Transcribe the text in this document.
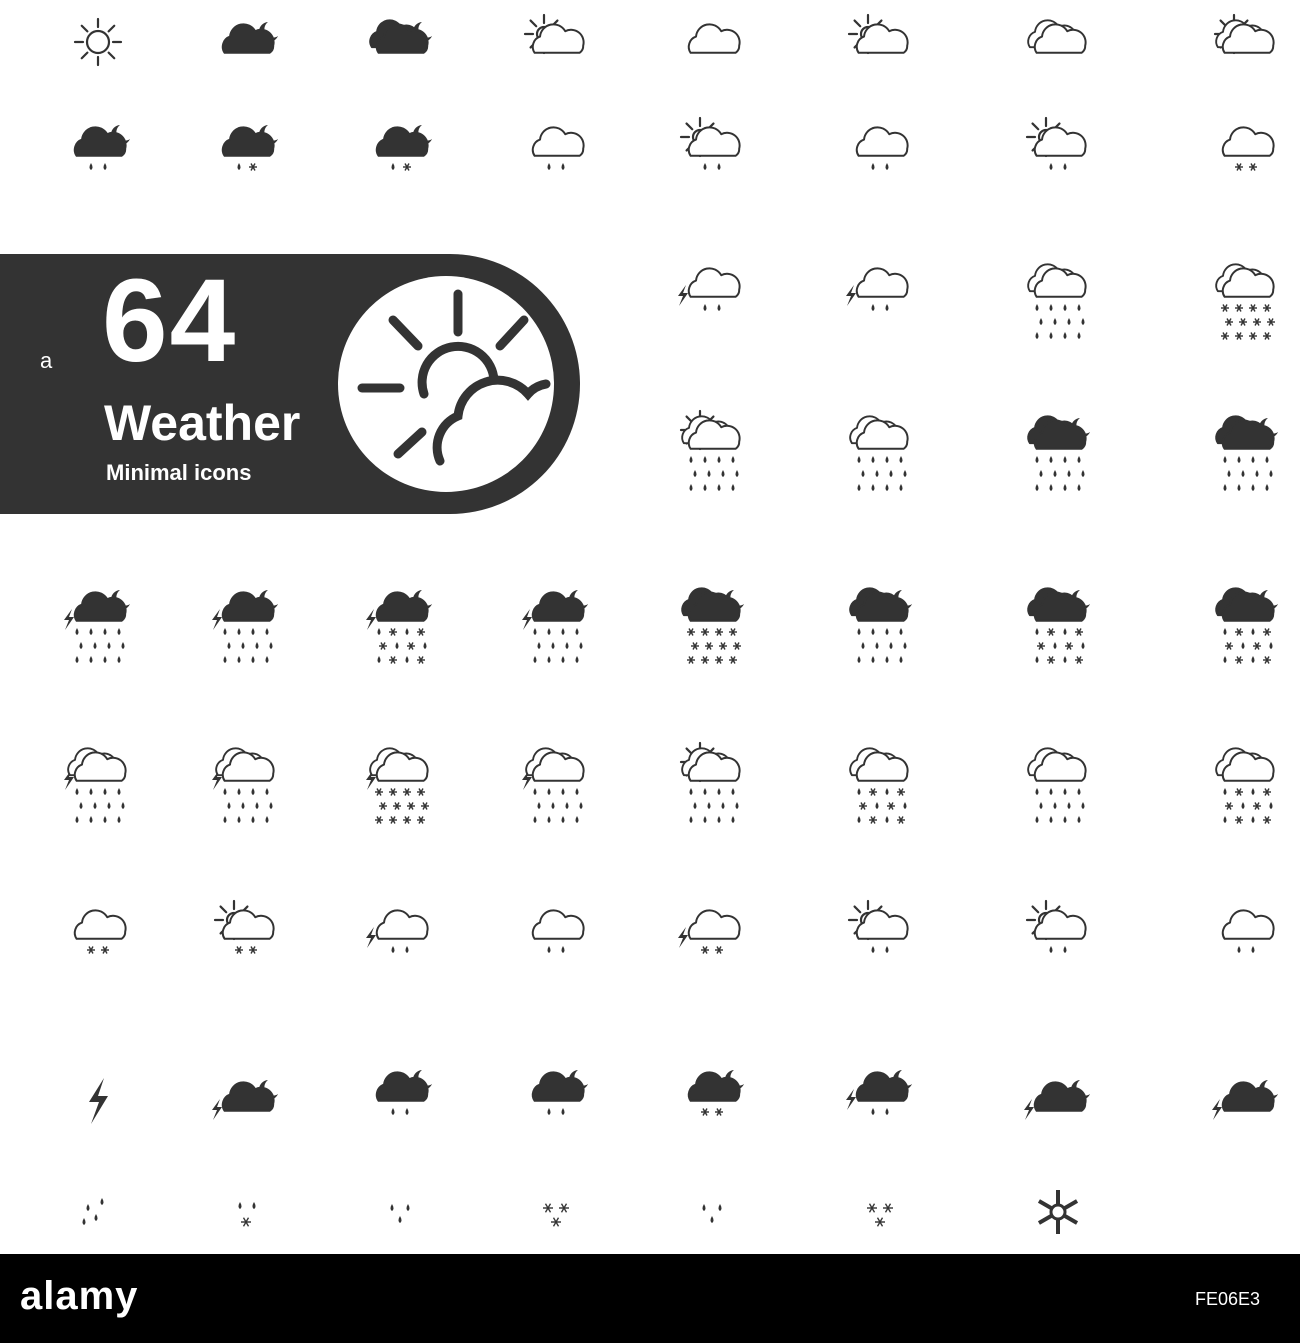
a 64
Weather
Minimal icons
alamy	FE06E3
